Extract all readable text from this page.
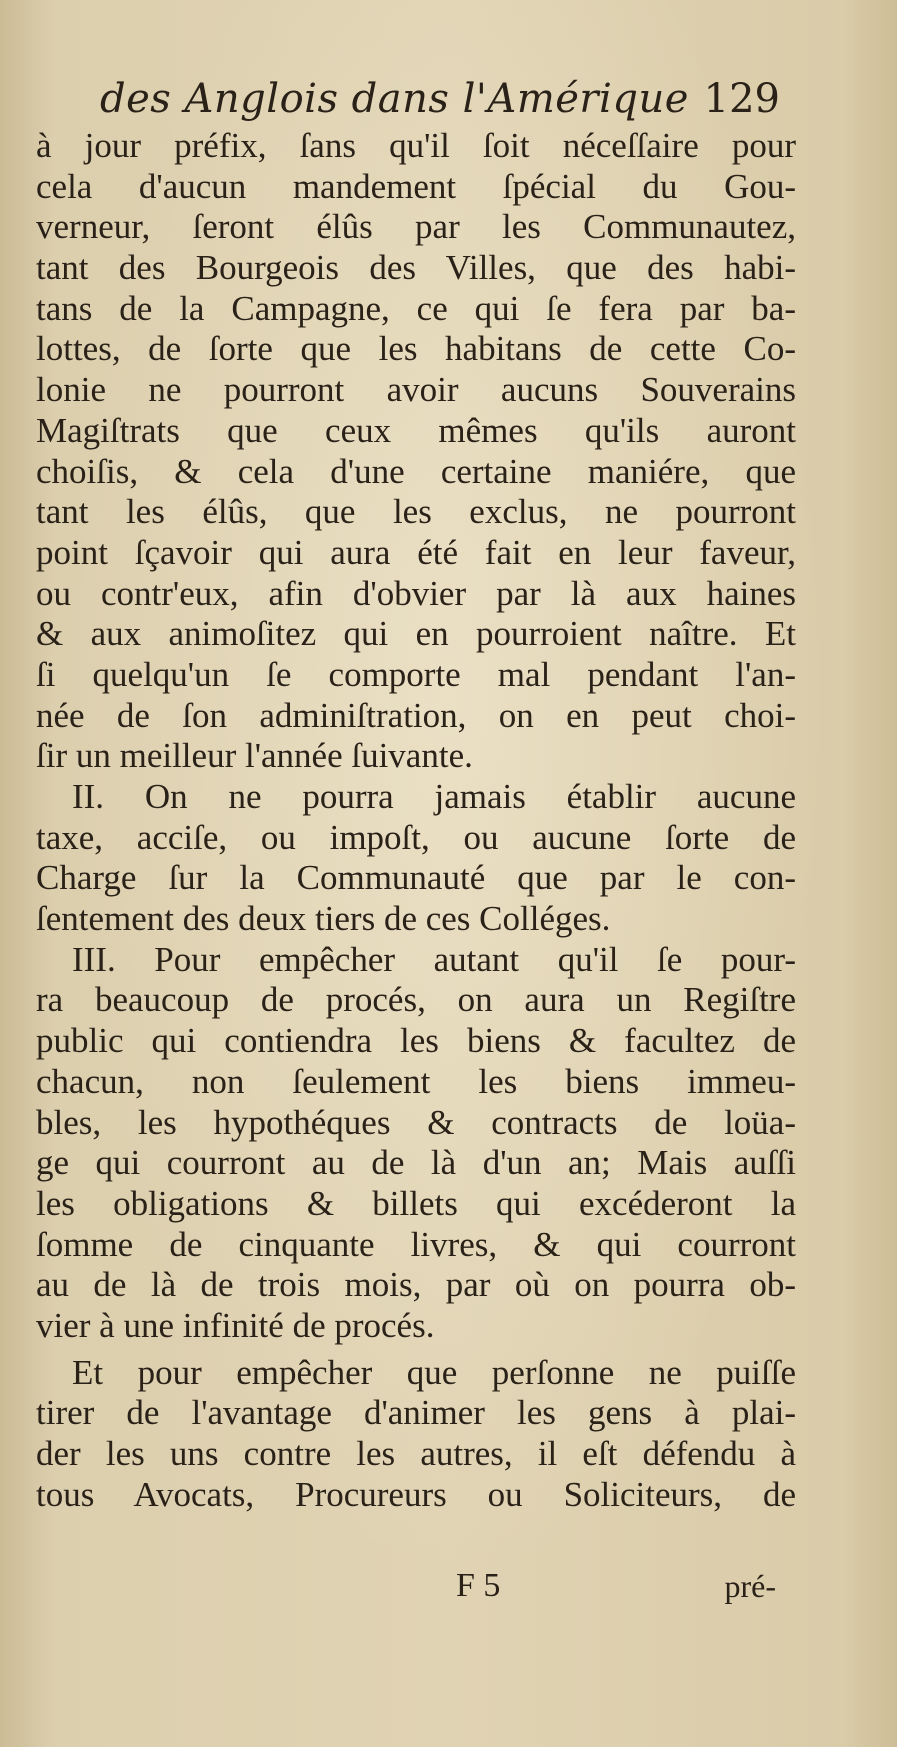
des Anglois dans l'Amérique 129
à jour préfix, ſans qu'il ſoit néceſſaire pour
cela d'aucun mandement ſpécial du Gou-
verneur, ſeront élûs par les Communautez,
tant des Bourgeois des Villes, que des habi-
tans de la Campagne, ce qui ſe fera par ba-
lottes, de ſorte que les habitans de cette Co-
lonie ne pourront avoir aucuns Souverains
Magiſtrats que ceux mêmes qu'ils auront
choiſis, & cela d'une certaine maniére, que
tant les élûs, que les exclus, ne pourront
point ſçavoir qui aura été fait en leur faveur,
ou contr'eux, afin d'obvier par là aux haines
& aux animoſitez qui en pourroient naître. Et
ſi quelqu'un ſe comporte mal pendant l'an-
née de ſon adminiſtration, on en peut choi-
ſir un meilleur l'année ſuivante.
II. On ne pourra jamais établir aucune
taxe, acciſe, ou impoſt, ou aucune ſorte de
Charge ſur la Communauté que par le con-
ſentement des deux tiers de ces Colléges.
III. Pour empêcher autant qu'il ſe pour-
ra beaucoup de procés, on aura un Regiſtre
public qui contiendra les biens & facultez de
chacun, non ſeulement les biens immeu-
bles, les hypothéques & contracts de loüa-
ge qui courront au de là d'un an; Mais auſſi
les obligations & billets qui excéderont la
ſomme de cinquante livres, & qui courront
au de là de trois mois, par où on pourra ob-
vier à une infinité de procés.
Et pour empêcher que perſonne ne puiſſe
tirer de l'avantage d'animer les gens à plai-
der les uns contre les autres, il eſt défendu à
tous Avocats, Procureurs ou Soliciteurs, de
F 5	pré-
